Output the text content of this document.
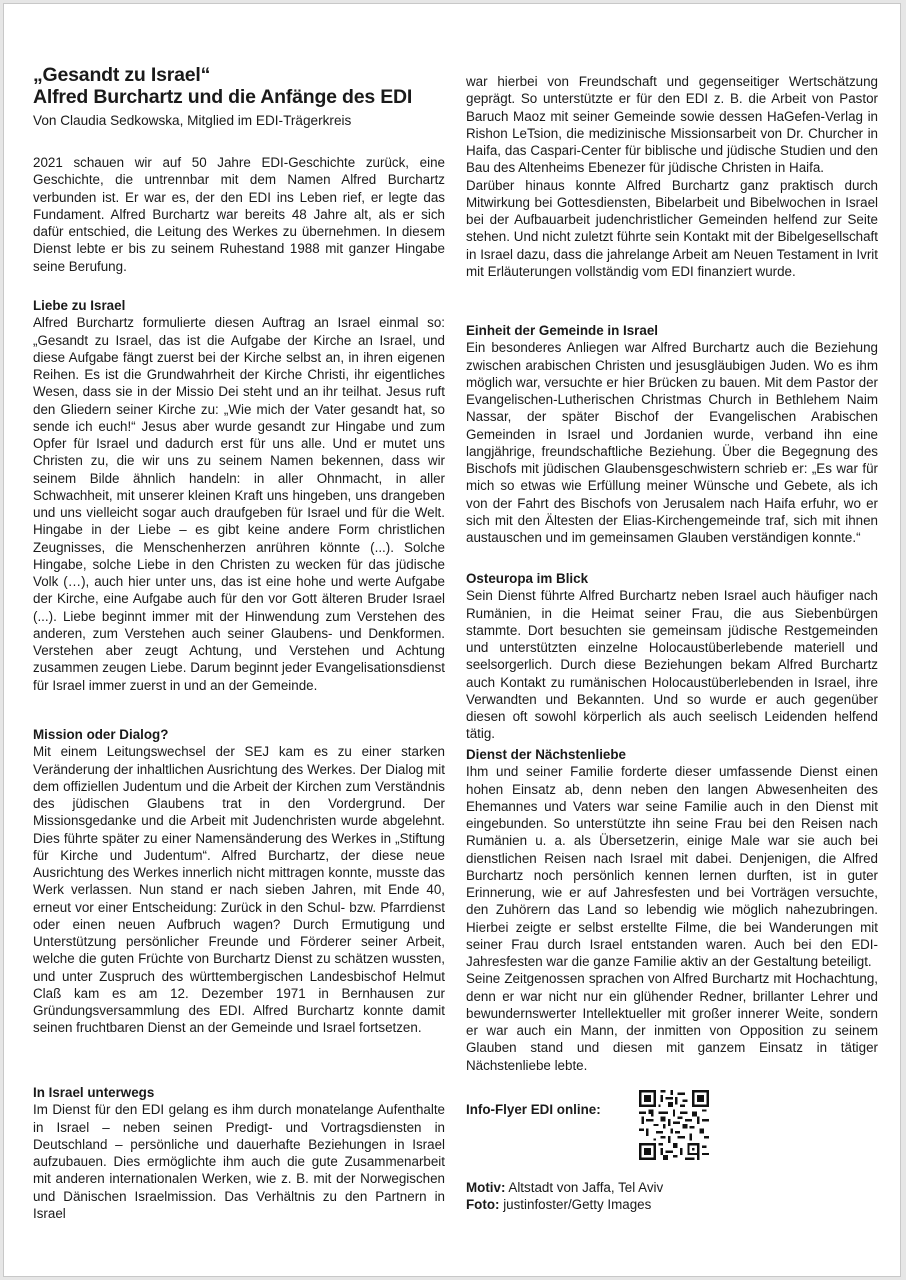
„Gesandt zu Israel“
Alfred Burchartz und die Anfänge des EDI
Von Claudia Sedkowska, Mitglied im EDI-Trägerkreis

2021 schauen wir auf 50 Jahre EDI-Geschichte zurück, eine Geschichte, die untrennbar mit dem Namen Alfred Burchartz verbunden ist. Er war es, der den EDI ins Leben rief, er legte das Fundament. Alfred Burchartz war bereits 48 Jahre alt, als er sich dafür entschied, die Leitung des Werkes zu übernehmen. In diesem Dienst lebte er bis zu seinem Ruhestand 1988 mit ganzer Hingabe seine Berufung.

Liebe zu Israel

Alfred Burchartz formulierte diesen Auftrag an Israel einmal so: „Gesandt zu Israel, das ist die Aufgabe der Kirche an Israel, und diese Aufgabe fängt zuerst bei der Kirche selbst an, in ihren eigenen Reihen. Es ist die Grundwahrheit der Kirche Christi, ihr eigentliches Wesen, dass sie in der Missio Dei steht und an ihr teilhat. Jesus ruft den Gliedern seiner Kirche zu: „Wie mich der Vater gesandt hat, so sende ich euch!“ Jesus aber wurde gesandt zur Hingabe und zum Opfer für Israel und dadurch erst für uns alle. Und er mutet uns Christen zu, die wir uns zu seinem Namen bekennen, dass wir seinem Bilde ähnlich handeln: in aller Ohnmacht, in aller Schwachheit, mit unserer kleinen Kraft uns hingeben, uns drangeben und uns vielleicht sogar auch draufgeben für Israel und für die Welt. Hingabe in der Liebe – es gibt keine andere Form christlichen Zeugnisses, die Menschenherzen anrühren könnte (...). Solche Hingabe, solche Liebe in den Christen zu wecken für das jüdische Volk (…), auch hier unter uns, das ist eine hohe und werte Aufgabe der Kirche, eine Aufgabe auch für den vor Gott älteren Bruder Israel (...). Liebe beginnt immer mit der Hinwendung zum Verstehen des anderen, zum Verstehen auch seiner Glaubens- und Denkformen. Verstehen aber zeugt Achtung, und Verstehen und Achtung zusammen zeugen Liebe. Darum beginnt jeder Evangelisationsdienst für Israel immer zuerst in und an der Gemeinde.

Mission oder Dialog?

Mit einem Leitungswechsel der SEJ kam es zu einer starken Veränderung der inhaltlichen Ausrichtung des Werkes. Der Dialog mit dem offiziellen Judentum und die Arbeit der Kirchen zum Verständnis des jüdischen Glaubens trat in den Vordergrund. Der Missionsgedanke und die Arbeit mit Judenchristen wurde abgelehnt. Dies führte später zu einer Namensänderung des Werkes in „Stiftung für Kirche und Judentum“. Alfred Burchartz, der diese neue Ausrichtung des Werkes innerlich nicht mittragen konnte, musste das Werk verlassen. Nun stand er nach sieben Jahren, mit Ende 40, erneut vor einer Entscheidung: Zurück in den Schul- bzw. Pfarrdienst oder einen neuen Aufbruch wagen? Durch Ermutigung und Unterstützung persönlicher Freunde und Förderer seiner Arbeit, welche die guten Früchte von Burchartz Dienst zu schätzen wussten, und unter Zuspruch des württembergischen Landesbischof Helmut Claß kam es am 12. Dezember 1971 in Bernhausen zur Gründungsversammlung des EDI. Alfred Burchartz konnte damit seinen fruchtbaren Dienst an der Gemeinde und Israel fortsetzen.

In Israel unterwegs

Im Dienst für den EDI gelang es ihm durch monatelange Aufenthalte in Israel – neben seinen Predigt- und Vortragsdiensten in Deutschland – persönliche und dauerhafte Beziehungen in Israel aufzubauen. Dies ermöglichte ihm auch die gute Zusammenarbeit mit anderen internationalen Werken, wie z. B. mit der Norwegischen und Dänischen Israelmission. Das Verhältnis zu den Partnern in Israel

war hierbei von Freundschaft und gegenseitiger Wertschätzung geprägt. So unterstützte er für den EDI z. B. die Arbeit von Pastor Baruch Maoz mit seiner Gemeinde sowie dessen HaGefen-Verlag in Rishon LeTsion, die medizinische Missionsarbeit von Dr. Churcher in Haifa, das Caspari-Center für biblische und jüdische Studien und den Bau des Altenheims Ebenezer für jüdische Christen in Haifa.

Darüber hinaus konnte Alfred Burchartz ganz praktisch durch Mitwirkung bei Gottesdiensten, Bibelarbeit und Bibelwochen in Israel bei der Aufbauarbeit judenchristlicher Gemeinden helfend zur Seite stehen. Und nicht zuletzt führte sein Kontakt mit der Bibelgesellschaft in Israel dazu, dass die jahrelange Arbeit am Neuen Testament in Ivrit mit Erläuterungen vollständig vom EDI finanziert wurde.

Einheit der Gemeinde in Israel

Ein besonderes Anliegen war Alfred Burchartz auch die Beziehung zwischen arabischen Christen und jesusgläubigen Juden. Wo es ihm möglich war, versuchte er hier Brücken zu bauen. Mit dem Pastor der Evangelischen-Lutherischen Christmas Church in Bethlehem Naim Nassar, der später Bischof der Evangelischen Arabischen Gemeinden in Israel und Jordanien wurde, verband ihn eine langjährige, freundschaftliche Beziehung. Über die Begegnung des Bischofs mit jüdischen Glaubensgeschwistern schrieb er: „Es war für mich so etwas wie Erfüllung meiner Wünsche und Gebete, als ich von der Fahrt des Bischofs von Jerusalem nach Haifa erfuhr, wo er sich mit den Ältesten der Elias-Kirchengemeinde traf, sich mit ihnen austauschen und im gemeinsamen Glauben verständigen konnte.“

Osteuropa im Blick

Sein Dienst führte Alfred Burchartz neben Israel auch häufiger nach Rumänien, in die Heimat seiner Frau, die aus Siebenbürgen stammte. Dort besuchten sie gemeinsam jüdische Restgemeinden und unterstützten einzelne Holocaustüberlebende materiell und seelsorgerlich. Durch diese Beziehungen bekam Alfred Burchartz auch Kontakt zu rumänischen Holocaustüberlebenden in Israel, ihre Verwandten und Bekannten. Und so wurde er auch gegenüber diesen oft sowohl körperlich als auch seelisch Leidenden helfend tätig.

Dienst der Nächstenliebe

Ihm und seiner Familie forderte dieser umfassende Dienst einen hohen Einsatz ab, denn neben den langen Abwesenheiten des Ehemannes und Vaters war seine Familie auch in den Dienst mit eingebunden. So unterstützte ihn seine Frau bei den Reisen nach Rumänien u. a. als Übersetzerin, einige Male war sie auch bei dienstlichen Reisen nach Israel mit dabei. Denjenigen, die Alfred Burchartz noch persönlich kennen lernen durften, ist in guter Erinnerung, wie er auf Jahresfesten und bei Vorträgen versuchte, den Zuhörern das Land so lebendig wie möglich nahezubringen. Hierbei zeigte er selbst erstellte Filme, die bei Wanderungen mit seiner Frau durch Israel entstanden waren. Auch bei den EDI-Jahresfesten war die ganze Familie aktiv an der Gestaltung beteiligt.

Seine Zeitgenossen sprachen von Alfred Burchartz mit Hochachtung, denn er war nicht nur ein glühender Redner, brillanter Lehrer und bewundernswerter Intellektueller mit großer innerer Weite, sondern er war auch ein Mann, der inmitten von Opposition zu seinem Glauben stand und diesen mit ganzem Einsatz in tätiger Nächstenliebe lebte.

Info-Flyer EDI online:
Motiv: Altstadt von Jaffa, Tel Aviv
Foto: justinfoster/Getty Images
